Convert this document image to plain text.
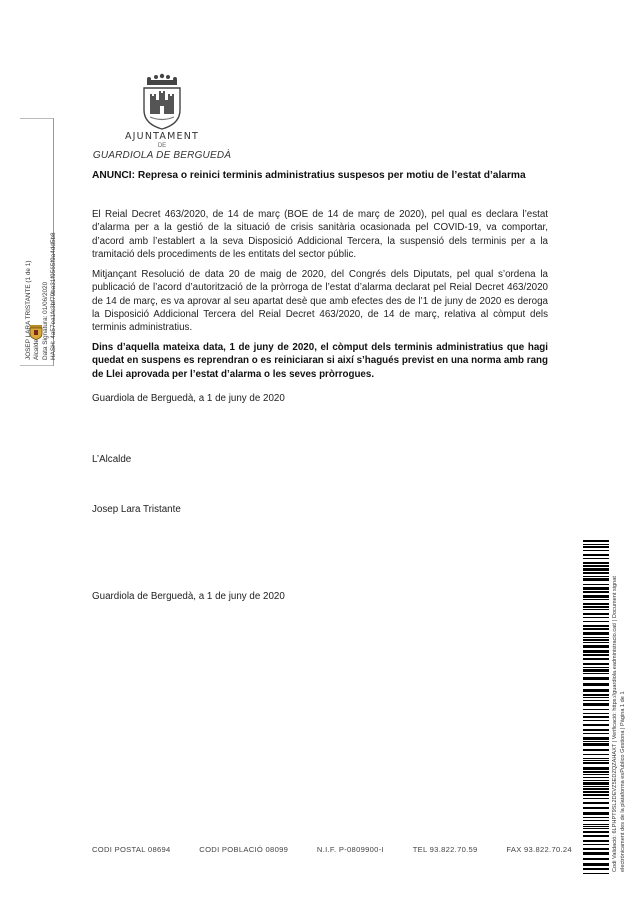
AJUNTAMENT
DE
GUARDIOLA DE BERGUEDÀ
JOSEP LARA TRISTANTE (1 de 1) Alcalde Data Signatura: 01/06/2020 HASH: 4a57ea1fc3bf79ba31f9565f9a4dd5b8
ANUNCI: Represa o reinici terminis administratius suspesos per motiu de l’estat d’alarma
El Reial Decret 463/2020, de 14 de març (BOE de 14 de març de 2020), pel qual es declara l’estat d’alarma per a la gestió de la situació de crisis sanitària ocasionada pel COVID-19, va comportar, d’acord amb l’establert a la seva Disposició Addicional Tercera, la suspensió dels terminis per a la tramitació dels procediments de les entitats del sector públic.
Mitjançant Resolució de data 20 de maig de 2020, del Congrés dels Diputats, pel qual s’ordena la publicació de l’acord d’autorització de la pròrroga de l’estat d’alarma declarat pel Reial Decret 463/2020 de 14 de març, es va aprovar al seu apartat desè que amb efectes des de l’1 de juny de 2020 es deroga la Disposició Addicional Tercera del Reial Decret 463/2020, de 14 de març, relativa al còmput dels terminis administratius.
Dins d’aquella mateixa data, 1 de juny de 2020, el còmput dels terminis administratius que hagi quedat en suspens es reprendran o es reiniciaran si així s’hagués previst en una norma amb rang de Llei aprovada per l’estat d’alarma o les seves pròrrogues.
Guardiola de Berguedà, a 1 de juny de 2020
L’Alcalde
Josep Lara Tristante
Guardiola de Berguedà, a 1 de juny de 2020
CODI POSTAL 08694	CODI POBLACIÓ 08099	N.I.F. P-0809900-I	TEL 93.822.70.59	FAX 93.822.70.24	Codi Validació: 6LPHPT9SL2DEVZ5EDZQZAHAXT | Verificació: https://guardiola.eadministracio.cat/ | Document signat electrònicament des de la plataforma esPublico Gestiona | Pàgina 1 de 1
